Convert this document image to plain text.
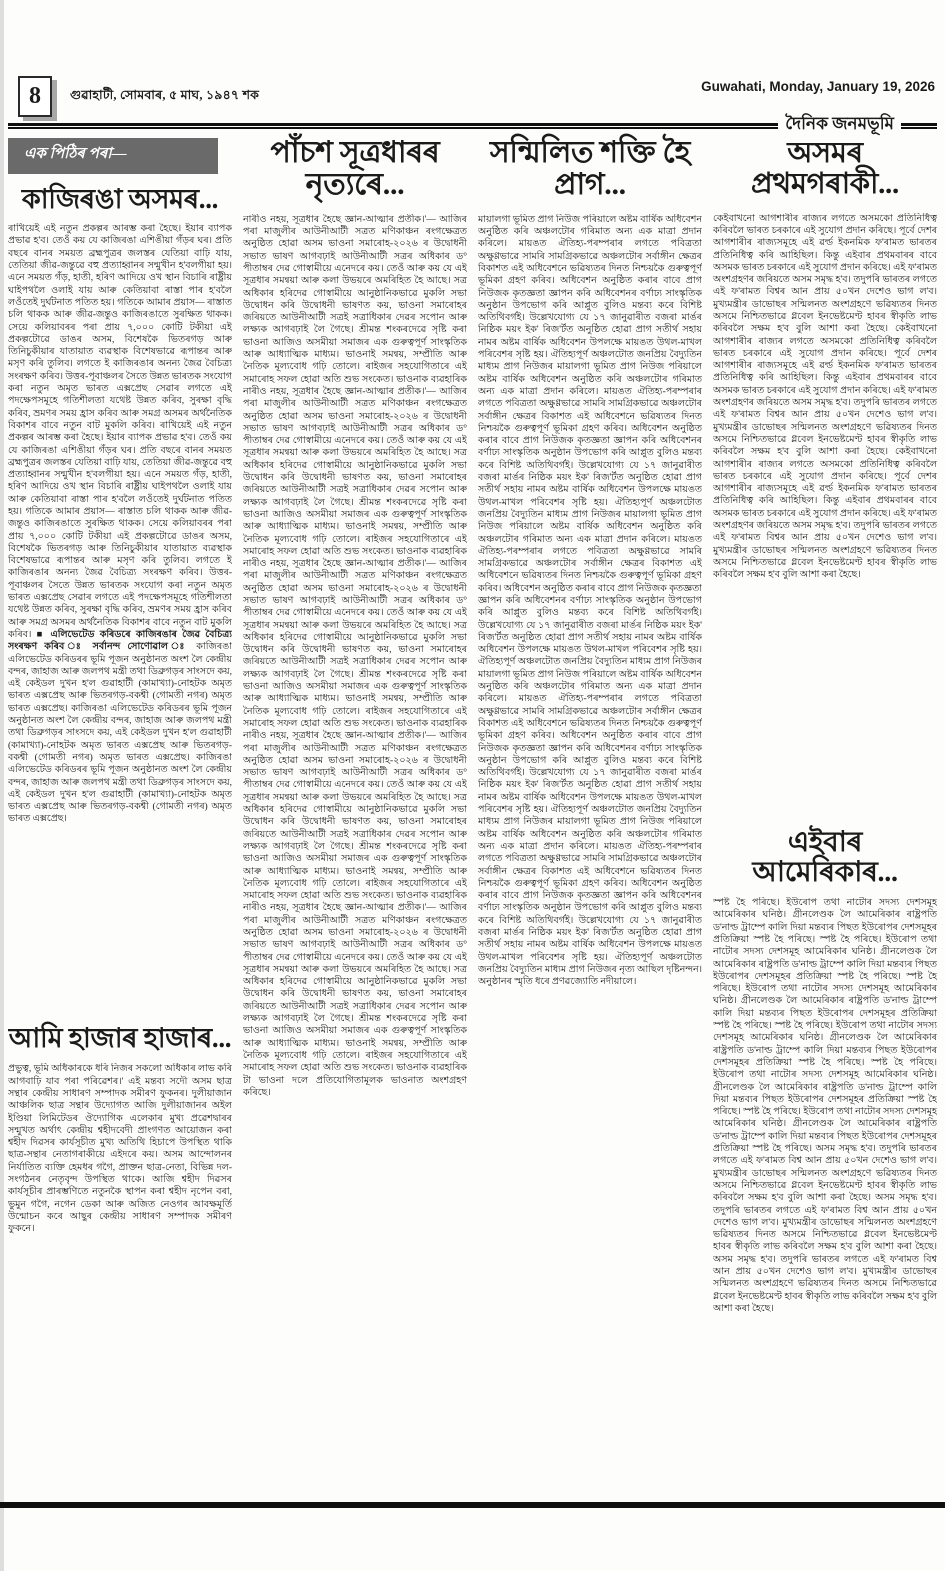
8 গুৱাহাটী, সোমবাৰ, ৫ মাঘ, ১৯৪৭ শক
Guwahati, Monday, January 19, 2026
দৈনিক জনমভূমি
এক পিঠিৰ পৰা—
কাজিৰঙা অসমৰ...
ৰাখিয়েই এই নতুন প্ৰকল্পৰ আৰম্ভ কৰা হৈছে। ইয়াৰ ব্যাপক প্ৰভাৱ হ'ব। তেওঁ কয় যে কাজিৰঙা এশিঙীয়া গঁড়ৰ ঘৰ। প্ৰতি বছৰে বানৰ সময়ত ব্ৰহ্মপুত্ৰৰ জলস্তৰ যেতিয়া বাঢ়ি যায়, তেতিয়া জীৱ-জন্তুৱে বহু প্ৰত্যাহ্বানৰ সন্মুখীন হ'বলগীয়া হয়। এনে সময়ত গঁড়, হাতী, হৰিণ আদিয়ে ওখ স্থান বিচাৰি ৰাষ্ট্ৰীয় ঘাইপথলৈ ওলাই যায় আৰু কেতিয়াবা ৰাস্তা পাৰ হ'বলৈ লওঁতেই দুৰ্ঘটনাত পতিত হয়। গতিকে আমাৰ প্ৰয়াস— ৰাস্তাত চলি থাকক আৰু জীৱ-জন্তুও কাজিৰঙাতে সুৰক্ষিত থাকক। সেয়ে কলিয়াবৰৰ পৰা প্ৰায় ৭,০০০ কোটি টকীয়া এই প্ৰকল্পটোৱে ডাঙৰ অসম, বিশেষকৈ ভিতৰগড় আৰু তিনিচুকীয়াৰ যাতায়াত ব্যৱস্থাক বিশেষভাৱে ৰূপান্তৰ আৰু মসৃণ কৰি তুলিব। লগতে ই কাজিৰঙাৰ অনন্য জৈৱ বৈচিত্ৰ্য সংৰক্ষণ কৰিব। উত্তৰ-পূবাঞ্চলৰ সৈতে উন্নত ভাৰতক সংযোগ কৰা নতুন অমৃত ভাৰত এক্সপ্ৰেছ সেৱাৰ লগতে এই পদক্ষেপসমূহে গতিশীলতা যথেষ্ট উন্নত কৰিব, সুৰক্ষা বৃদ্ধি কৰিব, ভ্ৰমণৰ সময় হ্ৰাস কৰিব আৰু সমগ্ৰ অসমৰ অৰ্থনৈতিক বিকাশৰ বাবে নতুন বাট মুকলি কৰিব। ৰাখিয়েই এই নতুন প্ৰকল্পৰ আৰম্ভ কৰা হৈছে। ইয়াৰ ব্যাপক প্ৰভাৱ হ'ব। তেওঁ কয় যে কাজিৰঙা এশিঙীয়া গঁড়ৰ ঘৰ। প্ৰতি বছৰে বানৰ সময়ত ব্ৰহ্মপুত্ৰৰ জলস্তৰ যেতিয়া বাঢ়ি যায়, তেতিয়া জীৱ-জন্তুৱে বহু প্ৰত্যাহ্বানৰ সন্মুখীন হ'বলগীয়া হয়। এনে সময়ত গঁড়, হাতী, হৰিণ আদিয়ে ওখ স্থান বিচাৰি ৰাষ্ট্ৰীয় ঘাইপথলৈ ওলাই যায় আৰু কেতিয়াবা ৰাস্তা পাৰ হ'বলৈ লওঁতেই দুৰ্ঘটনাত পতিত হয়। গতিকে আমাৰ প্ৰয়াস— ৰাস্তাত চলি থাকক আৰু জীৱ-জন্তুও কাজিৰঙাতে সুৰক্ষিত থাকক। সেয়ে কলিয়াবৰৰ পৰা প্ৰায় ৭,০০০ কোটি টকীয়া এই প্ৰকল্পটোৱে ডাঙৰ অসম, বিশেষকৈ ভিতৰগড় আৰু তিনিচুকীয়াৰ যাতায়াত ব্যৱস্থাক বিশেষভাৱে ৰূপান্তৰ আৰু মসৃণ কৰি তুলিব। লগতে ই কাজিৰঙাৰ অনন্য জৈৱ বৈচিত্ৰ্য সংৰক্ষণ কৰিব। উত্তৰ-পূবাঞ্চলৰ সৈতে উন্নত ভাৰতক সংযোগ কৰা নতুন অমৃত ভাৰত এক্সপ্ৰেছ সেৱাৰ লগতে এই পদক্ষেপসমূহে গতিশীলতা যথেষ্ট উন্নত কৰিব, সুৰক্ষা বৃদ্ধি কৰিব, ভ্ৰমণৰ সময় হ্ৰাস কৰিব আৰু সমগ্ৰ অসমৰ অৰ্থনৈতিক বিকাশৰ বাবে নতুন বাট মুকলি কৰিব। ■ এলিভেটেড কৰিডৰে কাজিৰঙাৰ জৈৱ বৈচিত্ৰ্য সংৰক্ষণ কৰিব ঃ সৰ্বানন্দ সোণোৱাল ঃ কাজিৰঙা এলিভেটেড কৰিডৰৰ ভূমি পূজন অনুষ্ঠানত অংশ লৈ কেন্দ্ৰীয় বন্দৰ, জাহাজ আৰু জলপথ মন্ত্ৰী তথা ডিব্ৰুগড়ৰ সাংসদে কয়, এই কেইডল দুখন হ'ল গুৱাহাটী (কামাখ্যা)-নোহটক অমৃত ভাৰত এক্সপ্ৰেছ আৰু ভিতৰগড়-বকশ্বী (গোমতী নগৰ) অমৃত ভাৰত এক্সপ্ৰেছ। কাজিৰঙা এলিভেটেড কৰিডৰৰ ভূমি পূজন অনুষ্ঠানত অংশ লৈ কেন্দ্ৰীয় বন্দৰ, জাহাজ আৰু জলপথ মন্ত্ৰী তথা ডিব্ৰুগড়ৰ সাংসদে কয়, এই কেইডল দুখন হ'ল গুৱাহাটী (কামাখ্যা)-নোহটক অমৃত ভাৰত এক্সপ্ৰেছ আৰু ভিতৰগড়-বকশ্বী (গোমতী নগৰ) অমৃত ভাৰত এক্সপ্ৰেছ। কাজিৰঙা এলিভেটেড কৰিডৰৰ ভূমি পূজন অনুষ্ঠানত অংশ লৈ কেন্দ্ৰীয় বন্দৰ, জাহাজ আৰু জলপথ মন্ত্ৰী তথা ডিব্ৰুগড়ৰ সাংসদে কয়, এই কেইডল দুখন হ'ল গুৱাহাটী (কামাখ্যা)-নোহটক অমৃত ভাৰত এক্সপ্ৰেছ আৰু ভিতৰগড়-বকশ্বী (গোমতী নগৰ) অমৃত ভাৰত এক্সপ্ৰেছ।
আমি হাজাৰ হাজাৰ...
প্ৰভুত্ব, ভূমি অধিকাৰকে ধৰি নিজৰ সকলো অধিকাৰ লাভ কৰি আগবাঢ়ি যাব পৰা পৰিৱেশৰ।' এই মন্তব্য সদৌ অসম ছাত্ৰ সন্থাৰ কেন্দ্ৰীয় সাধাৰণ সম্পাদক সমীৰণ ফুকনৰ। দুলীয়াজান আঞ্চলিক ছাত্ৰ সন্থাৰ উদ্যোগত আজি দুলীয়াজানৰ অইল ইণ্ডিয়া লিমিটেডৰ ঔদ্যোগিক এলেকাৰ মুখ্য প্ৰৱেশদ্বাৰৰ সন্মুখত অৰ্থাৎ কেন্দ্ৰীয় শ্বহীদবেদী প্ৰাংগণত আয়োজন কৰা শ্বহীদ দিৱসৰ কাৰ্যসূচীত মুখ্য অতিথি হিচাপে উপস্থিত থাকি ছাত্ৰ-সন্থাৰ নেতাগৰাকীয়ে এইদৰে কয়। অসম আন্দোলনৰ নিৰ্যাতিত ব্যক্তি হেমধৰ গগৈ, প্ৰাক্তন ছাত্ৰ-নেতা, বিভিন্ন দল-সংগঠনৰ নেতৃবৃন্দ উপস্থিত থাকে। আজি শ্বহীদ দিৱসৰ কাৰ্যসূচীৰ প্ৰাৰম্ভণিতে নতুনকৈ স্থাপন কৰা শ্বহীদ নৃপেন বৰা, ভুমুন গগৈ, নগেন ডেকা আৰু অজিত নেওগৰ আবক্ষমূৰ্তি উন্মোচন কৰে আছুৰ কেন্দ্ৰীয় সাধাৰণ সম্পাদক সমীৰণ ফুকনে।
পাঁচশ সূত্ৰধাৰৰ নৃত্যৰে...
নাৰীও নহয়, সূত্ৰধাৰ হৈছে জ্ঞান-আত্মাৰ প্ৰতীক।'— আজিৰ পৰা মাজুলীৰ আউনীআটী সত্ৰত মণিকাঞ্চন ৰংগক্ষেত্ৰত অনুষ্ঠিত হোৱা অসম ভাওনা সমাৰোহ-২০২৬ ৰ উদ্বোধনী সভাত ভাষণ আগবঢ়াই আউনীআটী সত্ৰৰ অধিকাৰ ড° পীতাম্বৰ দেৱ গোস্বামীয়ে এনেদৰে কয়। তেওঁ আৰু কয় যে এই সূত্ৰধাৰ সমন্বয়া আৰু কলা উভয়ৰে অমৰিহিত হৈ আছে। সত্ৰ অধিকাৰ হৰিদেৱ গোস্বামীয়ে আনুষ্ঠানিকভাৱে মুকলি সভা উদ্বোধন কৰি উদ্বোধনী ভাষণত কয়, ভাওনা সমাৰোহৰ জৰিয়তে আউনীআটী সত্ৰই সত্ৰাধিকাৰ দেৱৰ সপোন আৰু লক্ষ্যক আগবঢ়াই লৈ গৈছে। শ্ৰীমন্ত শংকৰদেৱে সৃষ্টি কৰা ভাওনা আজিও অসমীয়া সমাজৰ এক গুৰুত্বপূৰ্ণ সাংস্কৃতিক আৰু আধ্যাত্মিক মাধ্যম। ভাওনাই সমন্বয়, সম্প্ৰীতি আৰু নৈতিক মূল্যবোধ গঢ়ি তোলে। ৰাইজৰ সহযোগিতাৰে এই সমাৰোহ সফল হোৱা অতি শুভ সংকেত। ভাওনাক ব্যৱহাৰিক নাৰীও নহয়, সূত্ৰধাৰ হৈছে জ্ঞান-আত্মাৰ প্ৰতীক।'— আজিৰ পৰা মাজুলীৰ আউনীআটী সত্ৰত মণিকাঞ্চন ৰংগক্ষেত্ৰত অনুষ্ঠিত হোৱা অসম ভাওনা সমাৰোহ-২০২৬ ৰ উদ্বোধনী সভাত ভাষণ আগবঢ়াই আউনীআটী সত্ৰৰ অধিকাৰ ড° পীতাম্বৰ দেৱ গোস্বামীয়ে এনেদৰে কয়। তেওঁ আৰু কয় যে এই সূত্ৰধাৰ সমন্বয়া আৰু কলা উভয়ৰে অমৰিহিত হৈ আছে। সত্ৰ অধিকাৰ হৰিদেৱ গোস্বামীয়ে আনুষ্ঠানিকভাৱে মুকলি সভা উদ্বোধন কৰি উদ্বোধনী ভাষণত কয়, ভাওনা সমাৰোহৰ জৰিয়তে আউনীআটী সত্ৰই সত্ৰাধিকাৰ দেৱৰ সপোন আৰু লক্ষ্যক আগবঢ়াই লৈ গৈছে। শ্ৰীমন্ত শংকৰদেৱে সৃষ্টি কৰা ভাওনা আজিও অসমীয়া সমাজৰ এক গুৰুত্বপূৰ্ণ সাংস্কৃতিক আৰু আধ্যাত্মিক মাধ্যম। ভাওনাই সমন্বয়, সম্প্ৰীতি আৰু নৈতিক মূল্যবোধ গঢ়ি তোলে। ৰাইজৰ সহযোগিতাৰে এই সমাৰোহ সফল হোৱা অতি শুভ সংকেত। ভাওনাক ব্যৱহাৰিক নাৰীও নহয়, সূত্ৰধাৰ হৈছে জ্ঞান-আত্মাৰ প্ৰতীক।'— আজিৰ পৰা মাজুলীৰ আউনীআটী সত্ৰত মণিকাঞ্চন ৰংগক্ষেত্ৰত অনুষ্ঠিত হোৱা অসম ভাওনা সমাৰোহ-২০২৬ ৰ উদ্বোধনী সভাত ভাষণ আগবঢ়াই আউনীআটী সত্ৰৰ অধিকাৰ ড° পীতাম্বৰ দেৱ গোস্বামীয়ে এনেদৰে কয়। তেওঁ আৰু কয় যে এই সূত্ৰধাৰ সমন্বয়া আৰু কলা উভয়ৰে অমৰিহিত হৈ আছে। সত্ৰ অধিকাৰ হৰিদেৱ গোস্বামীয়ে আনুষ্ঠানিকভাৱে মুকলি সভা উদ্বোধন কৰি উদ্বোধনী ভাষণত কয়, ভাওনা সমাৰোহৰ জৰিয়তে আউনীআটী সত্ৰই সত্ৰাধিকাৰ দেৱৰ সপোন আৰু লক্ষ্যক আগবঢ়াই লৈ গৈছে। শ্ৰীমন্ত শংকৰদেৱে সৃষ্টি কৰা ভাওনা আজিও অসমীয়া সমাজৰ এক গুৰুত্বপূৰ্ণ সাংস্কৃতিক আৰু আধ্যাত্মিক মাধ্যম। ভাওনাই সমন্বয়, সম্প্ৰীতি আৰু নৈতিক মূল্যবোধ গঢ়ি তোলে। ৰাইজৰ সহযোগিতাৰে এই সমাৰোহ সফল হোৱা অতি শুভ সংকেত। ভাওনাক ব্যৱহাৰিক নাৰীও নহয়, সূত্ৰধাৰ হৈছে জ্ঞান-আত্মাৰ প্ৰতীক।'— আজিৰ পৰা মাজুলীৰ আউনীআটী সত্ৰত মণিকাঞ্চন ৰংগক্ষেত্ৰত অনুষ্ঠিত হোৱা অসম ভাওনা সমাৰোহ-২০২৬ ৰ উদ্বোধনী সভাত ভাষণ আগবঢ়াই আউনীআটী সত্ৰৰ অধিকাৰ ড° পীতাম্বৰ দেৱ গোস্বামীয়ে এনেদৰে কয়। তেওঁ আৰু কয় যে এই সূত্ৰধাৰ সমন্বয়া আৰু কলা উভয়ৰে অমৰিহিত হৈ আছে। সত্ৰ অধিকাৰ হৰিদেৱ গোস্বামীয়ে আনুষ্ঠানিকভাৱে মুকলি সভা উদ্বোধন কৰি উদ্বোধনী ভাষণত কয়, ভাওনা সমাৰোহৰ জৰিয়তে আউনীআটী সত্ৰই সত্ৰাধিকাৰ দেৱৰ সপোন আৰু লক্ষ্যক আগবঢ়াই লৈ গৈছে। শ্ৰীমন্ত শংকৰদেৱে সৃষ্টি কৰা ভাওনা আজিও অসমীয়া সমাজৰ এক গুৰুত্বপূৰ্ণ সাংস্কৃতিক আৰু আধ্যাত্মিক মাধ্যম। ভাওনাই সমন্বয়, সম্প্ৰীতি আৰু নৈতিক মূল্যবোধ গঢ়ি তোলে। ৰাইজৰ সহযোগিতাৰে এই সমাৰোহ সফল হোৱা অতি শুভ সংকেত। ভাওনাক ব্যৱহাৰিক নাৰীও নহয়, সূত্ৰধাৰ হৈছে জ্ঞান-আত্মাৰ প্ৰতীক।'— আজিৰ পৰা মাজুলীৰ আউনীআটী সত্ৰত মণিকাঞ্চন ৰংগক্ষেত্ৰত অনুষ্ঠিত হোৱা অসম ভাওনা সমাৰোহ-২০২৬ ৰ উদ্বোধনী সভাত ভাষণ আগবঢ়াই আউনীআটী সত্ৰৰ অধিকাৰ ড° পীতাম্বৰ দেৱ গোস্বামীয়ে এনেদৰে কয়। তেওঁ আৰু কয় যে এই সূত্ৰধাৰ সমন্বয়া আৰু কলা উভয়ৰে অমৰিহিত হৈ আছে। সত্ৰ অধিকাৰ হৰিদেৱ গোস্বামীয়ে আনুষ্ঠানিকভাৱে মুকলি সভা উদ্বোধন কৰি উদ্বোধনী ভাষণত কয়, ভাওনা সমাৰোহৰ জৰিয়তে আউনীআটী সত্ৰই সত্ৰাধিকাৰ দেৱৰ সপোন আৰু লক্ষ্যক আগবঢ়াই লৈ গৈছে। শ্ৰীমন্ত শংকৰদেৱে সৃষ্টি কৰা ভাওনা আজিও অসমীয়া সমাজৰ এক গুৰুত্বপূৰ্ণ সাংস্কৃতিক আৰু আধ্যাত্মিক মাধ্যম। ভাওনাই সমন্বয়, সম্প্ৰীতি আৰু নৈতিক মূল্যবোধ গঢ়ি তোলে। ৰাইজৰ সহযোগিতাৰে এই সমাৰোহ সফল হোৱা অতি শুভ সংকেত। ভাওনাক ব্যৱহাৰিক টা ভাওনা দলে প্ৰতিযোগিতামূলক ভাওনাত অংশগ্ৰহণ কৰিছে।
সন্মিলিত শক্তি হৈ প্ৰাগ...
মায়ালগা ভূমিত প্ৰাগ নিউজ পৰিয়ালে অষ্টম বাৰ্ষিক অধিবেশন অনুষ্ঠিত কৰি অঞ্চলটোৰ গৰিমাত অন্য এক মাত্ৰা প্ৰদান কৰিলে। মায়ঙত ঐতিহ্য-পৰম্পৰাৰ লগতে পবিত্ৰতা অক্ষুণ্ণভাৱে সামৰি সামগ্ৰিকভাৱে অঞ্চলটোৰ সৰ্বাঙ্গীন ক্ষেত্ৰৰ বিকাশত এই অধিবেশনে ভৱিষ্যতৰ দিনত নিশ্চয়কৈ গুৰুত্বপূৰ্ণ ভূমিকা গ্ৰহণ কৰিব। অধিবেশন অনুষ্ঠিত কৰাৰ বাবে প্ৰাগ নিউজক কৃতজ্ঞতা জ্ঞাপন কৰি অধিবেশনৰ বৰ্ণাঢ্য সাংস্কৃতিক অনুষ্ঠান উপভোগ কৰি আপ্লুত বুলিও মন্তব্য কৰে বিশিষ্ট অতিথিবৰ্গই। উল্লেখযোগ্য যে ১৭ জানুৱাৰীত বজৰা মাৰ্ঙৰ নিষ্ঠিক ময়ং ইক' ৰিজ'ৰ্টত অনুষ্ঠিত হোৱা প্ৰাগ সতীৰ্থ সহায় নামৰ অষ্টম বাৰ্ষিক অধিবেশন উপলক্ষে মায়ঙত উথল-মাখল পৰিবেশৰ সৃষ্টি হয়। ঐতিহ্যপূৰ্ণ অঞ্চলটোত জনপ্ৰিয় বৈদ্যুতিন মাধ্যম প্ৰাগ নিউজৰ মায়ালগা ভূমিত প্ৰাগ নিউজ পৰিয়ালে অষ্টম বাৰ্ষিক অধিবেশন অনুষ্ঠিত কৰি অঞ্চলটোৰ গৰিমাত অন্য এক মাত্ৰা প্ৰদান কৰিলে। মায়ঙত ঐতিহ্য-পৰম্পৰাৰ লগতে পবিত্ৰতা অক্ষুণ্ণভাৱে সামৰি সামগ্ৰিকভাৱে অঞ্চলটোৰ সৰ্বাঙ্গীন ক্ষেত্ৰৰ বিকাশত এই অধিবেশনে ভৱিষ্যতৰ দিনত নিশ্চয়কৈ গুৰুত্বপূৰ্ণ ভূমিকা গ্ৰহণ কৰিব। অধিবেশন অনুষ্ঠিত কৰাৰ বাবে প্ৰাগ নিউজক কৃতজ্ঞতা জ্ঞাপন কৰি অধিবেশনৰ বৰ্ণাঢ্য সাংস্কৃতিক অনুষ্ঠান উপভোগ কৰি আপ্লুত বুলিও মন্তব্য কৰে বিশিষ্ট অতিথিবৰ্গই। উল্লেখযোগ্য যে ১৭ জানুৱাৰীত বজৰা মাৰ্ঙৰ নিষ্ঠিক ময়ং ইক' ৰিজ'ৰ্টত অনুষ্ঠিত হোৱা প্ৰাগ সতীৰ্থ সহায় নামৰ অষ্টম বাৰ্ষিক অধিবেশন উপলক্ষে মায়ঙত উথল-মাখল পৰিবেশৰ সৃষ্টি হয়। ঐতিহ্যপূৰ্ণ অঞ্চলটোত জনপ্ৰিয় বৈদ্যুতিন মাধ্যম প্ৰাগ নিউজৰ মায়ালগা ভূমিত প্ৰাগ নিউজ পৰিয়ালে অষ্টম বাৰ্ষিক অধিবেশন অনুষ্ঠিত কৰি অঞ্চলটোৰ গৰিমাত অন্য এক মাত্ৰা প্ৰদান কৰিলে। মায়ঙত ঐতিহ্য-পৰম্পৰাৰ লগতে পবিত্ৰতা অক্ষুণ্ণভাৱে সামৰি সামগ্ৰিকভাৱে অঞ্চলটোৰ সৰ্বাঙ্গীন ক্ষেত্ৰৰ বিকাশত এই অধিবেশনে ভৱিষ্যতৰ দিনত নিশ্চয়কৈ গুৰুত্বপূৰ্ণ ভূমিকা গ্ৰহণ কৰিব। অধিবেশন অনুষ্ঠিত কৰাৰ বাবে প্ৰাগ নিউজক কৃতজ্ঞতা জ্ঞাপন কৰি অধিবেশনৰ বৰ্ণাঢ্য সাংস্কৃতিক অনুষ্ঠান উপভোগ কৰি আপ্লুত বুলিও মন্তব্য কৰে বিশিষ্ট অতিথিবৰ্গই। উল্লেখযোগ্য যে ১৭ জানুৱাৰীত বজৰা মাৰ্ঙৰ নিষ্ঠিক ময়ং ইক' ৰিজ'ৰ্টত অনুষ্ঠিত হোৱা প্ৰাগ সতীৰ্থ সহায় নামৰ অষ্টম বাৰ্ষিক অধিবেশন উপলক্ষে মায়ঙত উথল-মাখল পৰিবেশৰ সৃষ্টি হয়। ঐতিহ্যপূৰ্ণ অঞ্চলটোত জনপ্ৰিয় বৈদ্যুতিন মাধ্যম প্ৰাগ নিউজৰ মায়ালগা ভূমিত প্ৰাগ নিউজ পৰিয়ালে অষ্টম বাৰ্ষিক অধিবেশন অনুষ্ঠিত কৰি অঞ্চলটোৰ গৰিমাত অন্য এক মাত্ৰা প্ৰদান কৰিলে। মায়ঙত ঐতিহ্য-পৰম্পৰাৰ লগতে পবিত্ৰতা অক্ষুণ্ণভাৱে সামৰি সামগ্ৰিকভাৱে অঞ্চলটোৰ সৰ্বাঙ্গীন ক্ষেত্ৰৰ বিকাশত এই অধিবেশনে ভৱিষ্যতৰ দিনত নিশ্চয়কৈ গুৰুত্বপূৰ্ণ ভূমিকা গ্ৰহণ কৰিব। অধিবেশন অনুষ্ঠিত কৰাৰ বাবে প্ৰাগ নিউজক কৃতজ্ঞতা জ্ঞাপন কৰি অধিবেশনৰ বৰ্ণাঢ্য সাংস্কৃতিক অনুষ্ঠান উপভোগ কৰি আপ্লুত বুলিও মন্তব্য কৰে বিশিষ্ট অতিথিবৰ্গই। উল্লেখযোগ্য যে ১৭ জানুৱাৰীত বজৰা মাৰ্ঙৰ নিষ্ঠিক ময়ং ইক' ৰিজ'ৰ্টত অনুষ্ঠিত হোৱা প্ৰাগ সতীৰ্থ সহায় নামৰ অষ্টম বাৰ্ষিক অধিবেশন উপলক্ষে মায়ঙত উথল-মাখল পৰিবেশৰ সৃষ্টি হয়। ঐতিহ্যপূৰ্ণ অঞ্চলটোত জনপ্ৰিয় বৈদ্যুতিন মাধ্যম প্ৰাগ নিউজৰ মায়ালগা ভূমিত প্ৰাগ নিউজ পৰিয়ালে অষ্টম বাৰ্ষিক অধিবেশন অনুষ্ঠিত কৰি অঞ্চলটোৰ গৰিমাত অন্য এক মাত্ৰা প্ৰদান কৰিলে। মায়ঙত ঐতিহ্য-পৰম্পৰাৰ লগতে পবিত্ৰতা অক্ষুণ্ণভাৱে সামৰি সামগ্ৰিকভাৱে অঞ্চলটোৰ সৰ্বাঙ্গীন ক্ষেত্ৰৰ বিকাশত এই অধিবেশনে ভৱিষ্যতৰ দিনত নিশ্চয়কৈ গুৰুত্বপূৰ্ণ ভূমিকা গ্ৰহণ কৰিব। অধিবেশন অনুষ্ঠিত কৰাৰ বাবে প্ৰাগ নিউজক কৃতজ্ঞতা জ্ঞাপন কৰি অধিবেশনৰ বৰ্ণাঢ্য সাংস্কৃতিক অনুষ্ঠান উপভোগ কৰি আপ্লুত বুলিও মন্তব্য কৰে বিশিষ্ট অতিথিবৰ্গই। উল্লেখযোগ্য যে ১৭ জানুৱাৰীত বজৰা মাৰ্ঙৰ নিষ্ঠিক ময়ং ইক' ৰিজ'ৰ্টত অনুষ্ঠিত হোৱা প্ৰাগ সতীৰ্থ সহায় নামৰ অষ্টম বাৰ্ষিক অধিবেশন উপলক্ষে মায়ঙত উথল-মাখল পৰিবেশৰ সৃষ্টি হয়। ঐতিহ্যপূৰ্ণ অঞ্চলটোত জনপ্ৰিয় বৈদ্যুতিন মাধ্যম প্ৰাগ নিউজৰ নৃত্য আছিল দৃষ্টিনন্দন। অনুষ্ঠানৰ স্মৃতি ধৰে প্ৰণৱজ্যোতি নদীয়ালে।
অসমৰ প্ৰথমগৰাকী...
কেইবাখনো আগশাৰীৰ ৰাজ্যৰ লগতে অসমকো প্ৰতিনিধিত্ব কৰিবলৈ ভাৰত চৰকাৰে এই সুযোগ প্ৰদান কৰিছে। পূৰ্বে দেশৰ আগশাৰীৰ ৰাজ্যসমূহে এই ৱৰ্ল্ড ইকনমিক ফ'ৰামত ভাৰতৰ প্ৰতিনিধিত্ব কৰি আহিছিল। কিন্তু এইবাৰ প্ৰথমবাৰৰ বাবে অসমক ভাৰত চৰকাৰে এই সুযোগ প্ৰদান কৰিছে। এই ফ'ৰামত অংশগ্ৰহণৰ জৰিয়তে অসম সমৃদ্ধ হ'ব। তদুপৰি ভাৰতৰ লগতে এই ফ'ৰামত বিশ্বৰ আন প্ৰায় ৫০খন দেশেও ভাগ ল'ব। মুখ্যমন্ত্ৰীৰ ডাভোছৰ সন্মিলনত অংশগ্ৰহণে ভৱিষ্যতৰ দিনত অসমে নিশ্চিতভাৱে গ্লবেল ইনভেষ্টমেণ্ট হাবৰ স্বীকৃতি লাভ কৰিবলৈ সক্ষম হ'ব বুলি আশা কৰা হৈছে। কেইবাখনো আগশাৰীৰ ৰাজ্যৰ লগতে অসমকো প্ৰতিনিধিত্ব কৰিবলৈ ভাৰত চৰকাৰে এই সুযোগ প্ৰদান কৰিছে। পূৰ্বে দেশৰ আগশাৰীৰ ৰাজ্যসমূহে এই ৱৰ্ল্ড ইকনমিক ফ'ৰামত ভাৰতৰ প্ৰতিনিধিত্ব কৰি আহিছিল। কিন্তু এইবাৰ প্ৰথমবাৰৰ বাবে অসমক ভাৰত চৰকাৰে এই সুযোগ প্ৰদান কৰিছে। এই ফ'ৰামত অংশগ্ৰহণৰ জৰিয়তে অসম সমৃদ্ধ হ'ব। তদুপৰি ভাৰতৰ লগতে এই ফ'ৰামত বিশ্বৰ আন প্ৰায় ৫০খন দেশেও ভাগ ল'ব। মুখ্যমন্ত্ৰীৰ ডাভোছৰ সন্মিলনত অংশগ্ৰহণে ভৱিষ্যতৰ দিনত অসমে নিশ্চিতভাৱে গ্লবেল ইনভেষ্টমেণ্ট হাবৰ স্বীকৃতি লাভ কৰিবলৈ সক্ষম হ'ব বুলি আশা কৰা হৈছে। কেইবাখনো আগশাৰীৰ ৰাজ্যৰ লগতে অসমকো প্ৰতিনিধিত্ব কৰিবলৈ ভাৰত চৰকাৰে এই সুযোগ প্ৰদান কৰিছে। পূৰ্বে দেশৰ আগশাৰীৰ ৰাজ্যসমূহে এই ৱৰ্ল্ড ইকনমিক ফ'ৰামত ভাৰতৰ প্ৰতিনিধিত্ব কৰি আহিছিল। কিন্তু এইবাৰ প্ৰথমবাৰৰ বাবে অসমক ভাৰত চৰকাৰে এই সুযোগ প্ৰদান কৰিছে। এই ফ'ৰামত অংশগ্ৰহণৰ জৰিয়তে অসম সমৃদ্ধ হ'ব। তদুপৰি ভাৰতৰ লগতে এই ফ'ৰামত বিশ্বৰ আন প্ৰায় ৫০খন দেশেও ভাগ ল'ব। মুখ্যমন্ত্ৰীৰ ডাভোছৰ সন্মিলনত অংশগ্ৰহণে ভৱিষ্যতৰ দিনত অসমে নিশ্চিতভাৱে গ্লবেল ইনভেষ্টমেণ্ট হাবৰ স্বীকৃতি লাভ কৰিবলৈ সক্ষম হ'ব বুলি আশা কৰা হৈছে।
এইবাৰ আমেৰিকাৰ...
স্পষ্ট হৈ পৰিছে। ইউৰোপ তথা নাটোৰ সদস্য দেশসমূহ আমেৰিকাৰ ঘনিষ্ঠ। গ্ৰীনলেণ্ডক লৈ আমেৰিকাৰ ৰাষ্ট্ৰপতি ড'নাল্ড ট্ৰাম্পে কালি দিয়া মন্তব্যৰ পিছত ইউৰোপৰ দেশসমূহৰ প্ৰতিক্ৰিয়া স্পষ্ট হৈ পৰিছে। স্পষ্ট হৈ পৰিছে। ইউৰোপ তথা নাটোৰ সদস্য দেশসমূহ আমেৰিকাৰ ঘনিষ্ঠ। গ্ৰীনলেণ্ডক লৈ আমেৰিকাৰ ৰাষ্ট্ৰপতি ড'নাল্ড ট্ৰাম্পে কালি দিয়া মন্তব্যৰ পিছত ইউৰোপৰ দেশসমূহৰ প্ৰতিক্ৰিয়া স্পষ্ট হৈ পৰিছে। স্পষ্ট হৈ পৰিছে। ইউৰোপ তথা নাটোৰ সদস্য দেশসমূহ আমেৰিকাৰ ঘনিষ্ঠ। গ্ৰীনলেণ্ডক লৈ আমেৰিকাৰ ৰাষ্ট্ৰপতি ড'নাল্ড ট্ৰাম্পে কালি দিয়া মন্তব্যৰ পিছত ইউৰোপৰ দেশসমূহৰ প্ৰতিক্ৰিয়া স্পষ্ট হৈ পৰিছে। স্পষ্ট হৈ পৰিছে। ইউৰোপ তথা নাটোৰ সদস্য দেশসমূহ আমেৰিকাৰ ঘনিষ্ঠ। গ্ৰীনলেণ্ডক লৈ আমেৰিকাৰ ৰাষ্ট্ৰপতি ড'নাল্ড ট্ৰাম্পে কালি দিয়া মন্তব্যৰ পিছত ইউৰোপৰ দেশসমূহৰ প্ৰতিক্ৰিয়া স্পষ্ট হৈ পৰিছে। স্পষ্ট হৈ পৰিছে। ইউৰোপ তথা নাটোৰ সদস্য দেশসমূহ আমেৰিকাৰ ঘনিষ্ঠ। গ্ৰীনলেণ্ডক লৈ আমেৰিকাৰ ৰাষ্ট্ৰপতি ড'নাল্ড ট্ৰাম্পে কালি দিয়া মন্তব্যৰ পিছত ইউৰোপৰ দেশসমূহৰ প্ৰতিক্ৰিয়া স্পষ্ট হৈ পৰিছে। স্পষ্ট হৈ পৰিছে। ইউৰোপ তথা নাটোৰ সদস্য দেশসমূহ আমেৰিকাৰ ঘনিষ্ঠ। গ্ৰীনলেণ্ডক লৈ আমেৰিকাৰ ৰাষ্ট্ৰপতি ড'নাল্ড ট্ৰাম্পে কালি দিয়া মন্তব্যৰ পিছত ইউৰোপৰ দেশসমূহৰ প্ৰতিক্ৰিয়া স্পষ্ট হৈ পৰিছে। অসম সমৃদ্ধ হ'ব। তদুপৰি ভাৰতৰ লগতে এই ফ'ৰামত বিশ্ব আন প্ৰায় ৫০খন দেশেও ভাগ ল'ব। মুখ্যমন্ত্ৰীৰ ডাভোছৰ সন্মিলনত অংশগ্ৰহণে ভৱিষ্যতৰ দিনত অসমে নিশ্চিতভাৱে গ্লবেল ইনভেষ্টমেণ্ট হাবৰ স্বীকৃতি লাভ কৰিবলৈ সক্ষম হ'ব বুলি আশা কৰা হৈছে। অসম সমৃদ্ধ হ'ব। তদুপৰি ভাৰতৰ লগতে এই ফ'ৰামত বিশ্ব আন প্ৰায় ৫০খন দেশেও ভাগ ল'ব। মুখ্যমন্ত্ৰীৰ ডাভোছৰ সন্মিলনত অংশগ্ৰহণে ভৱিষ্যতৰ দিনত অসমে নিশ্চিতভাৱে গ্লবেল ইনভেষ্টমেণ্ট হাবৰ স্বীকৃতি লাভ কৰিবলৈ সক্ষম হ'ব বুলি আশা কৰা হৈছে। অসম সমৃদ্ধ হ'ব। তদুপৰি ভাৰতৰ লগতে এই ফ'ৰামত বিশ্ব আন প্ৰায় ৫০খন দেশেও ভাগ ল'ব। মুখ্যমন্ত্ৰীৰ ডাভোছৰ সন্মিলনত অংশগ্ৰহণে ভৱিষ্যতৰ দিনত অসমে নিশ্চিতভাৱে গ্লবেল ইনভেষ্টমেণ্ট হাবৰ স্বীকৃতি লাভ কৰিবলৈ সক্ষম হ'ব বুলি আশা কৰা হৈছে।
